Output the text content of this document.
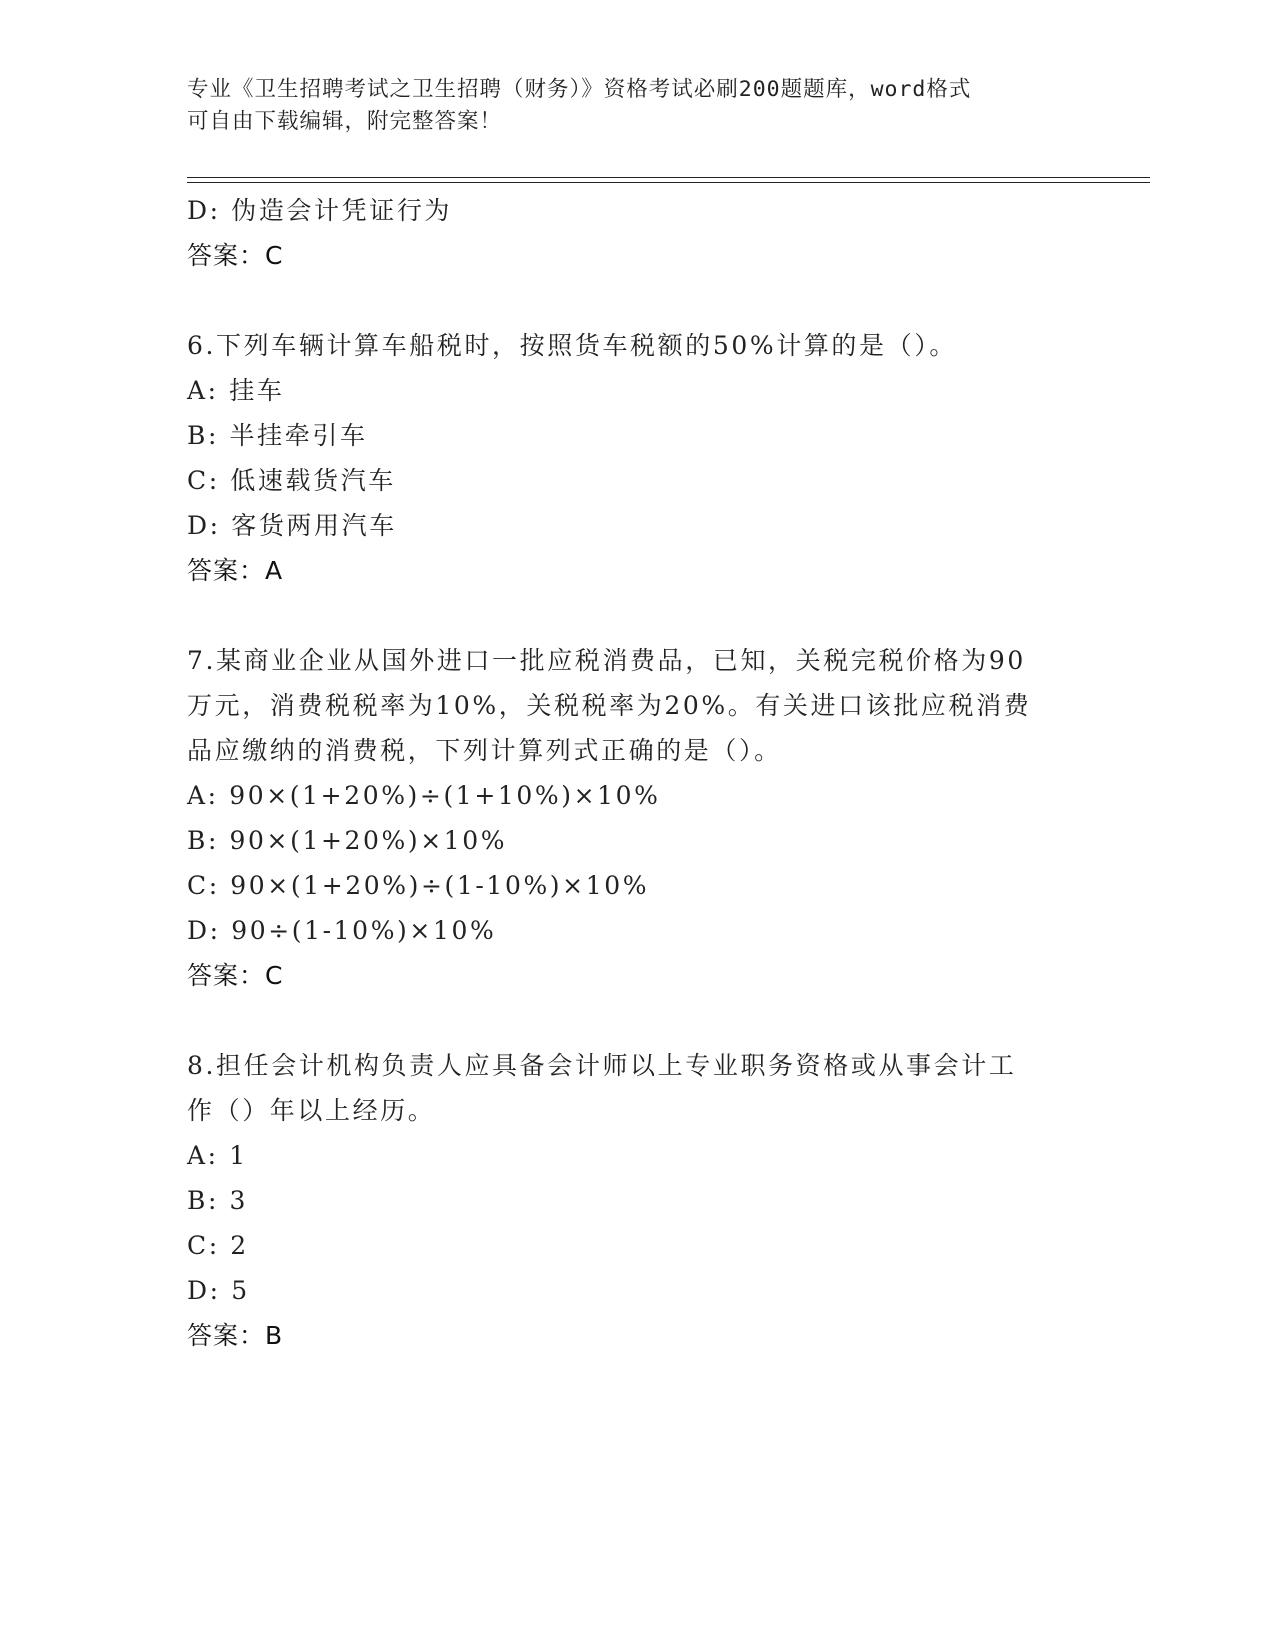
专业《卫生招聘考试之卫生招聘（财务）》资格考试必刷200题题库，word格式
可自由下载编辑，附完整答案！
D: 伪造会计凭证行为
答案：C
6.下列车辆计算车船税时，按照货车税额的50%计算的是（）。
A: 挂车
B: 半挂牵引车
C: 低速载货汽车
D: 客货两用汽车
答案：A
7.某商业企业从国外进口一批应税消费品，已知，关税完税价格为90
万元，消费税税率为10%，关税税率为20%。有关进口该批应税消费
品应缴纳的消费税，下列计算列式正确的是（）。
A: 90×(1+20%)÷(1+10%)×10%
B: 90×(1+20%)×10%
C: 90×(1+20%)÷(1-10%)×10%
D: 90÷(1-10%)×10%
答案：C
8.担任会计机构负责人应具备会计师以上专业职务资格或从事会计工
作（）年以上经历。
A: 1
B: 3
C: 2
D: 5
答案：B
